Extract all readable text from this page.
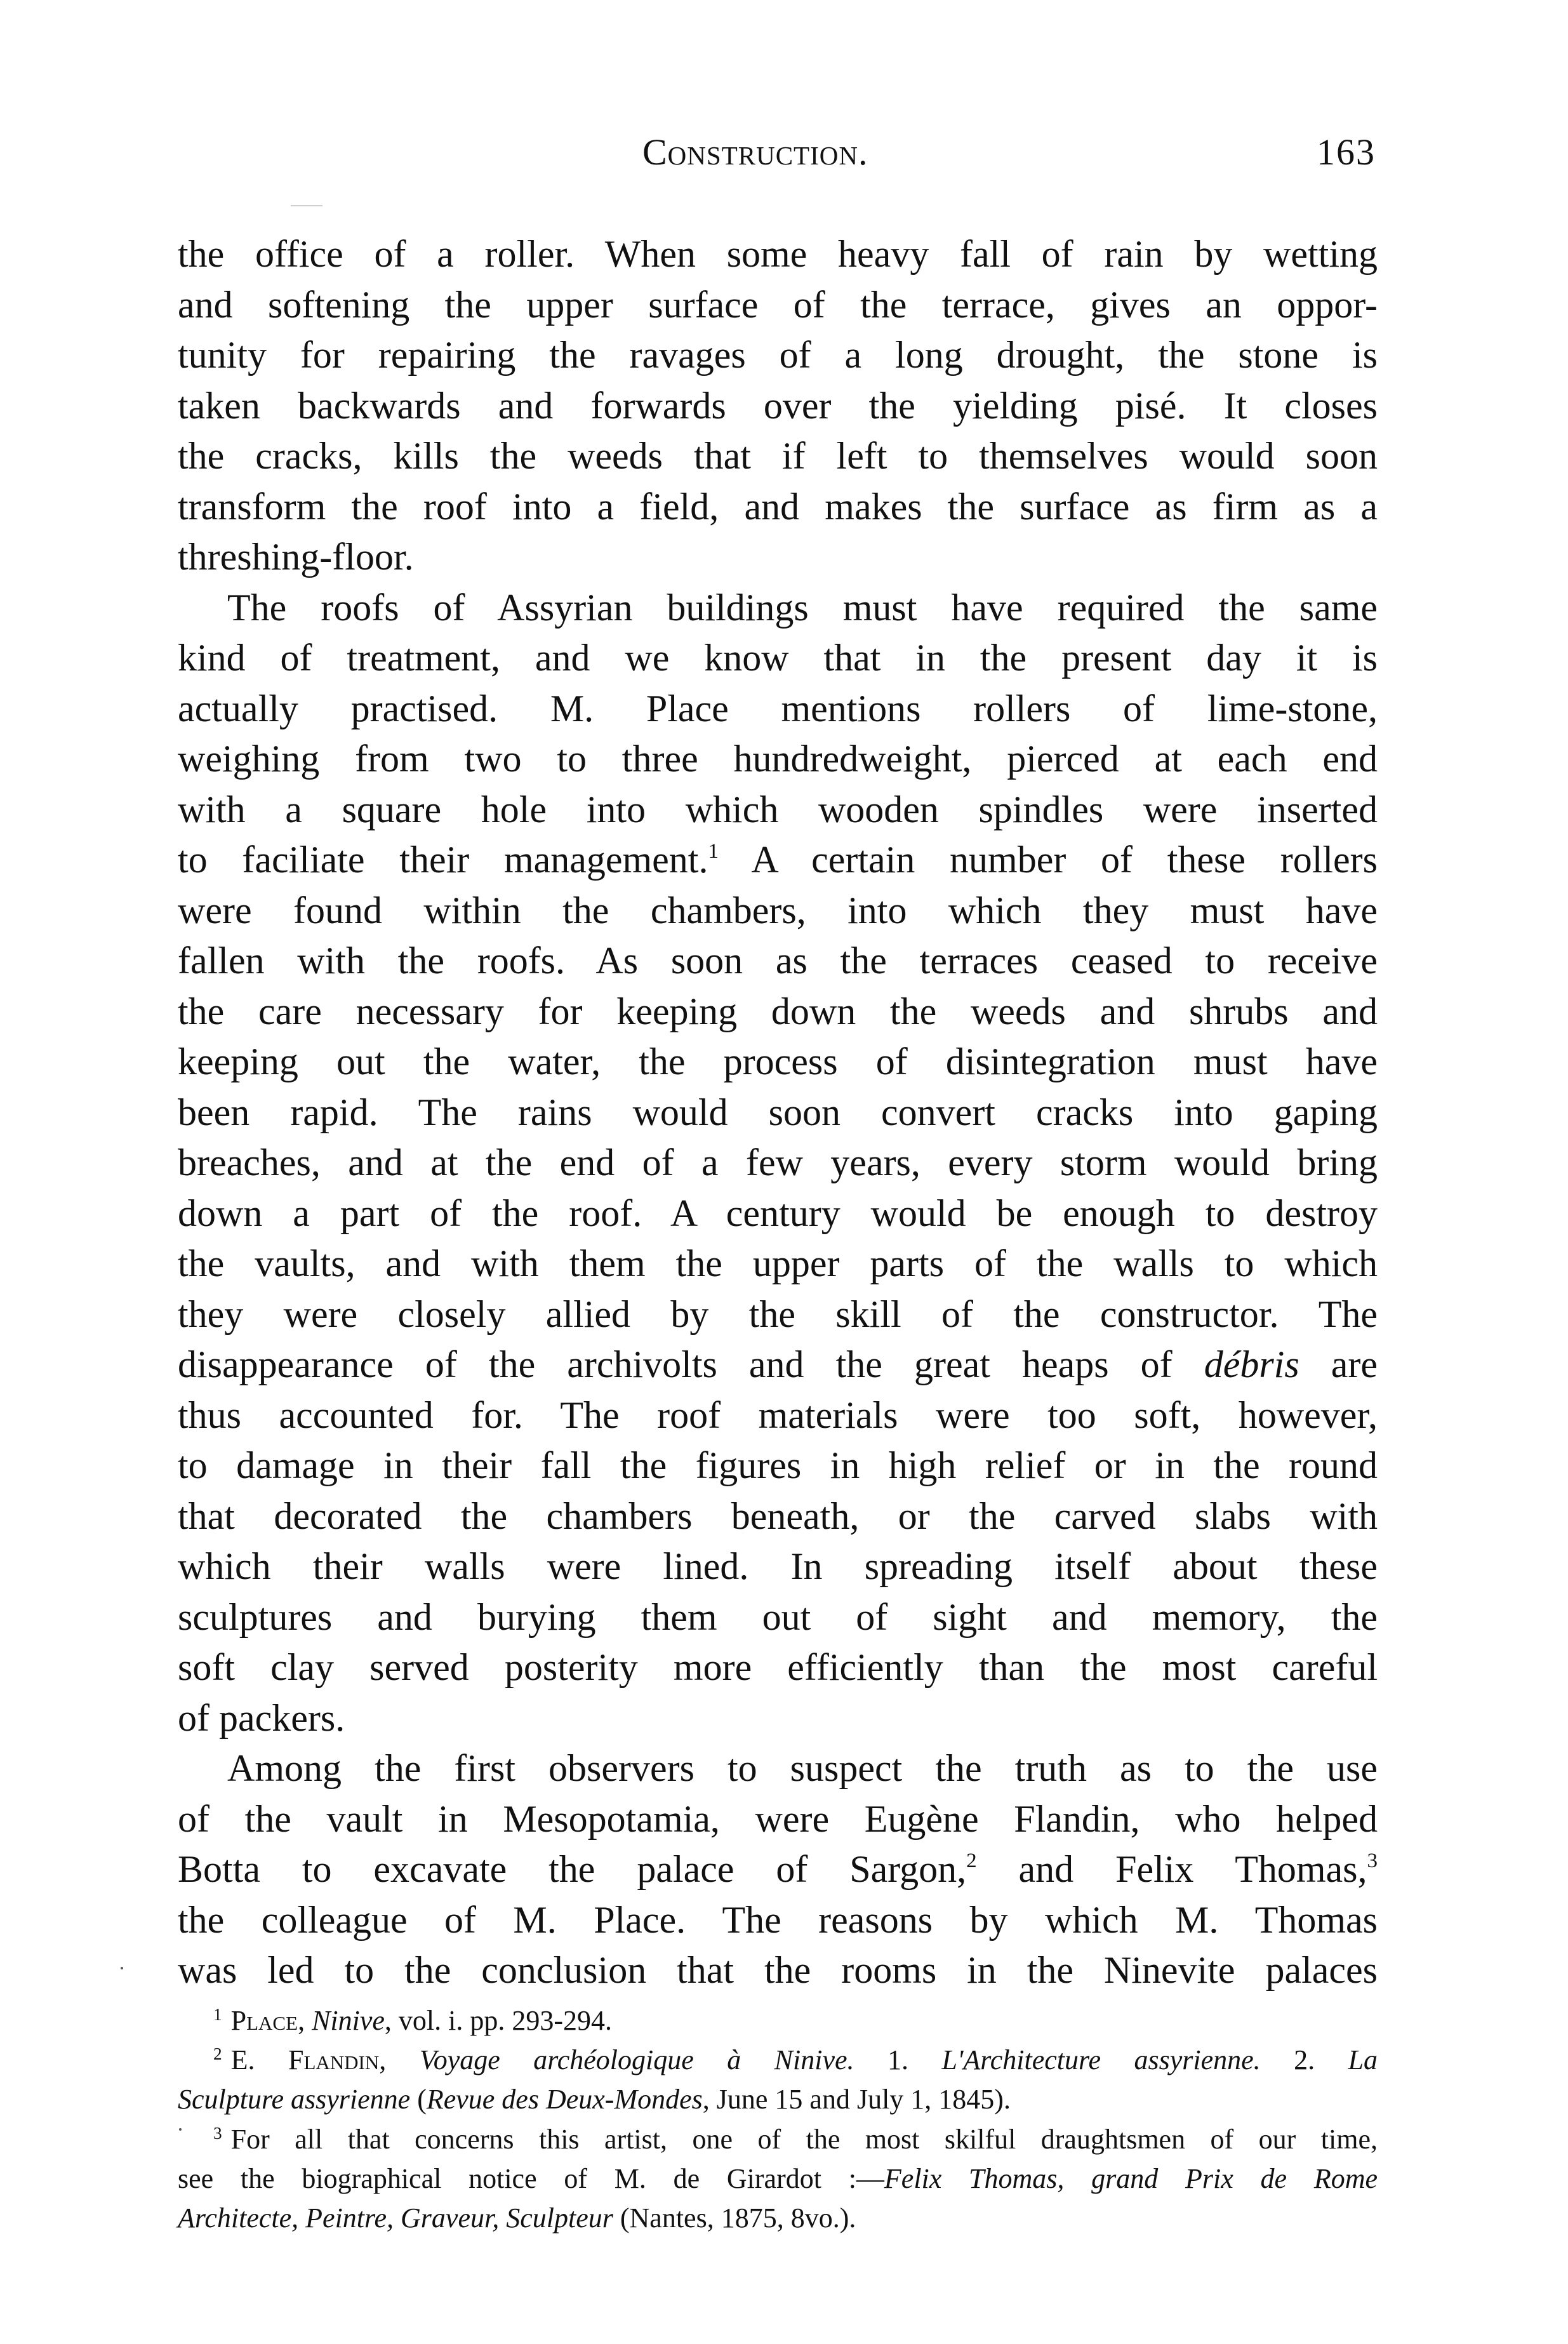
Construction.	163
the office of a roller. When some heavy fall of rain by wetting
and softening the upper surface of the terrace, gives an oppor-
tunity for repairing the ravages of a long drought, the stone is
taken backwards and forwards over the yielding pisé. It closes
the cracks, kills the weeds that if left to themselves would soon
transform the roof into a field, and makes the surface as firm as a
threshing-floor.
The roofs of Assyrian buildings must have required the same
kind of treatment, and we know that in the present day it is
actually practised. M. Place mentions rollers of lime-stone,
weighing from two to three hundredweight, pierced at each end
with a square hole into which wooden spindles were inserted
to faciliate their management.$^1$ A certain number of these rollers
were found within the chambers, into which they must have
fallen with the roofs. As soon as the terraces ceased to receive
the care necessary for keeping down the weeds and shrubs and
keeping out the water, the process of disintegration must have
been rapid. The rains would soon convert cracks into gaping
breaches, and at the end of a few years, every storm would bring
down a part of the roof. A century would be enough to destroy
the vaults, and with them the upper parts of the walls to which
they were closely allied by the skill of the constructor. The
disappearance of the archivolts and the great heaps of débris are
thus accounted for. The roof materials were too soft, however,
to damage in their fall the figures in high relief or in the round
that decorated the chambers beneath, or the carved slabs with
which their walls were lined. In spreading itself about these
sculptures and burying them out of sight and memory, the
soft clay served posterity more efficiently than the most careful
of packers.
Among the first observers to suspect the truth as to the use
of the vault in Mesopotamia, were Eugène Flandin, who helped
Botta to excavate the palace of Sargon,$^2$ and Felix Thomas,$^3$
the colleague of M. Place. The reasons by which M. Thomas
was led to the conclusion that the rooms in the Ninevite palaces
$^1$ Place, Ninive, vol. i. pp. 293-294.
$^2$ E. Flandin, Voyage archéologique à Ninive. 1. L'Architecture assyrienne. 2. La
Sculpture assyrienne (Revue des Deux-Mondes, June 15 and July 1, 1845).
$^3$ For all that concerns this artist, one of the most skilful draughtsmen of our time,
see the biographical notice of M. de Girardot :—Felix Thomas, grand Prix de Rome
Architecte, Peintre, Graveur, Sculpteur (Nantes, 1875, 8vo.).
